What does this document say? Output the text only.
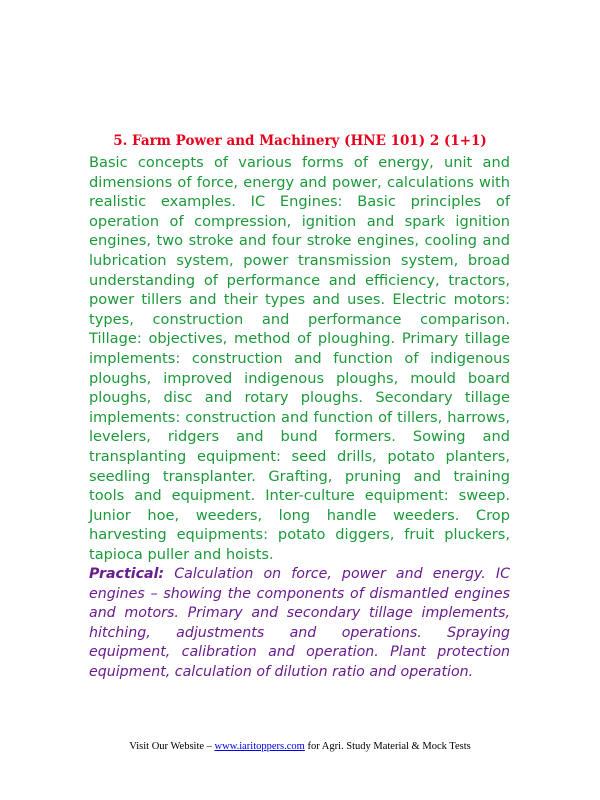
5. Farm Power and Machinery (HNE 101) 2 (1+1)

Basic concepts of various forms of energy, unit and dimensions of force, energy and power, calculations with realistic examples. IC Engines: Basic principles of operation of compression, ignition and spark ignition engines, two stroke and four stroke engines, cooling and lubrication system, power transmission system, broad understanding of performance and efficiency, tractors, power tillers and their types and uses. Electric motors: types, construction and performance comparison. Tillage: objectives, method of ploughing. Primary tillage implements: construction and function of indigenous ploughs, improved indigenous ploughs, mould board ploughs, disc and rotary ploughs. Secondary tillage implements: construction and function of tillers, harrows, levelers, ridgers and bund formers. Sowing and transplanting equipment: seed drills, potato planters, seedling transplanter. Grafting, pruning and training tools and equipment. Inter-culture equipment: sweep. Junior hoe, weeders, long handle weeders. Crop harvesting equipments: potato diggers, fruit pluckers, tapioca puller and hoists.

Practical: Calculation on force, power and energy. IC engines – showing the components of dismantled engines and motors. Primary and secondary tillage implements, hitching, adjustments and operations. Spraying equipment, calibration and operation. Plant protection equipment, calculation of dilution ratio and operation.

Visit Our Website – www.iaritoppers.com for Agri. Study Material & Mock Tests
